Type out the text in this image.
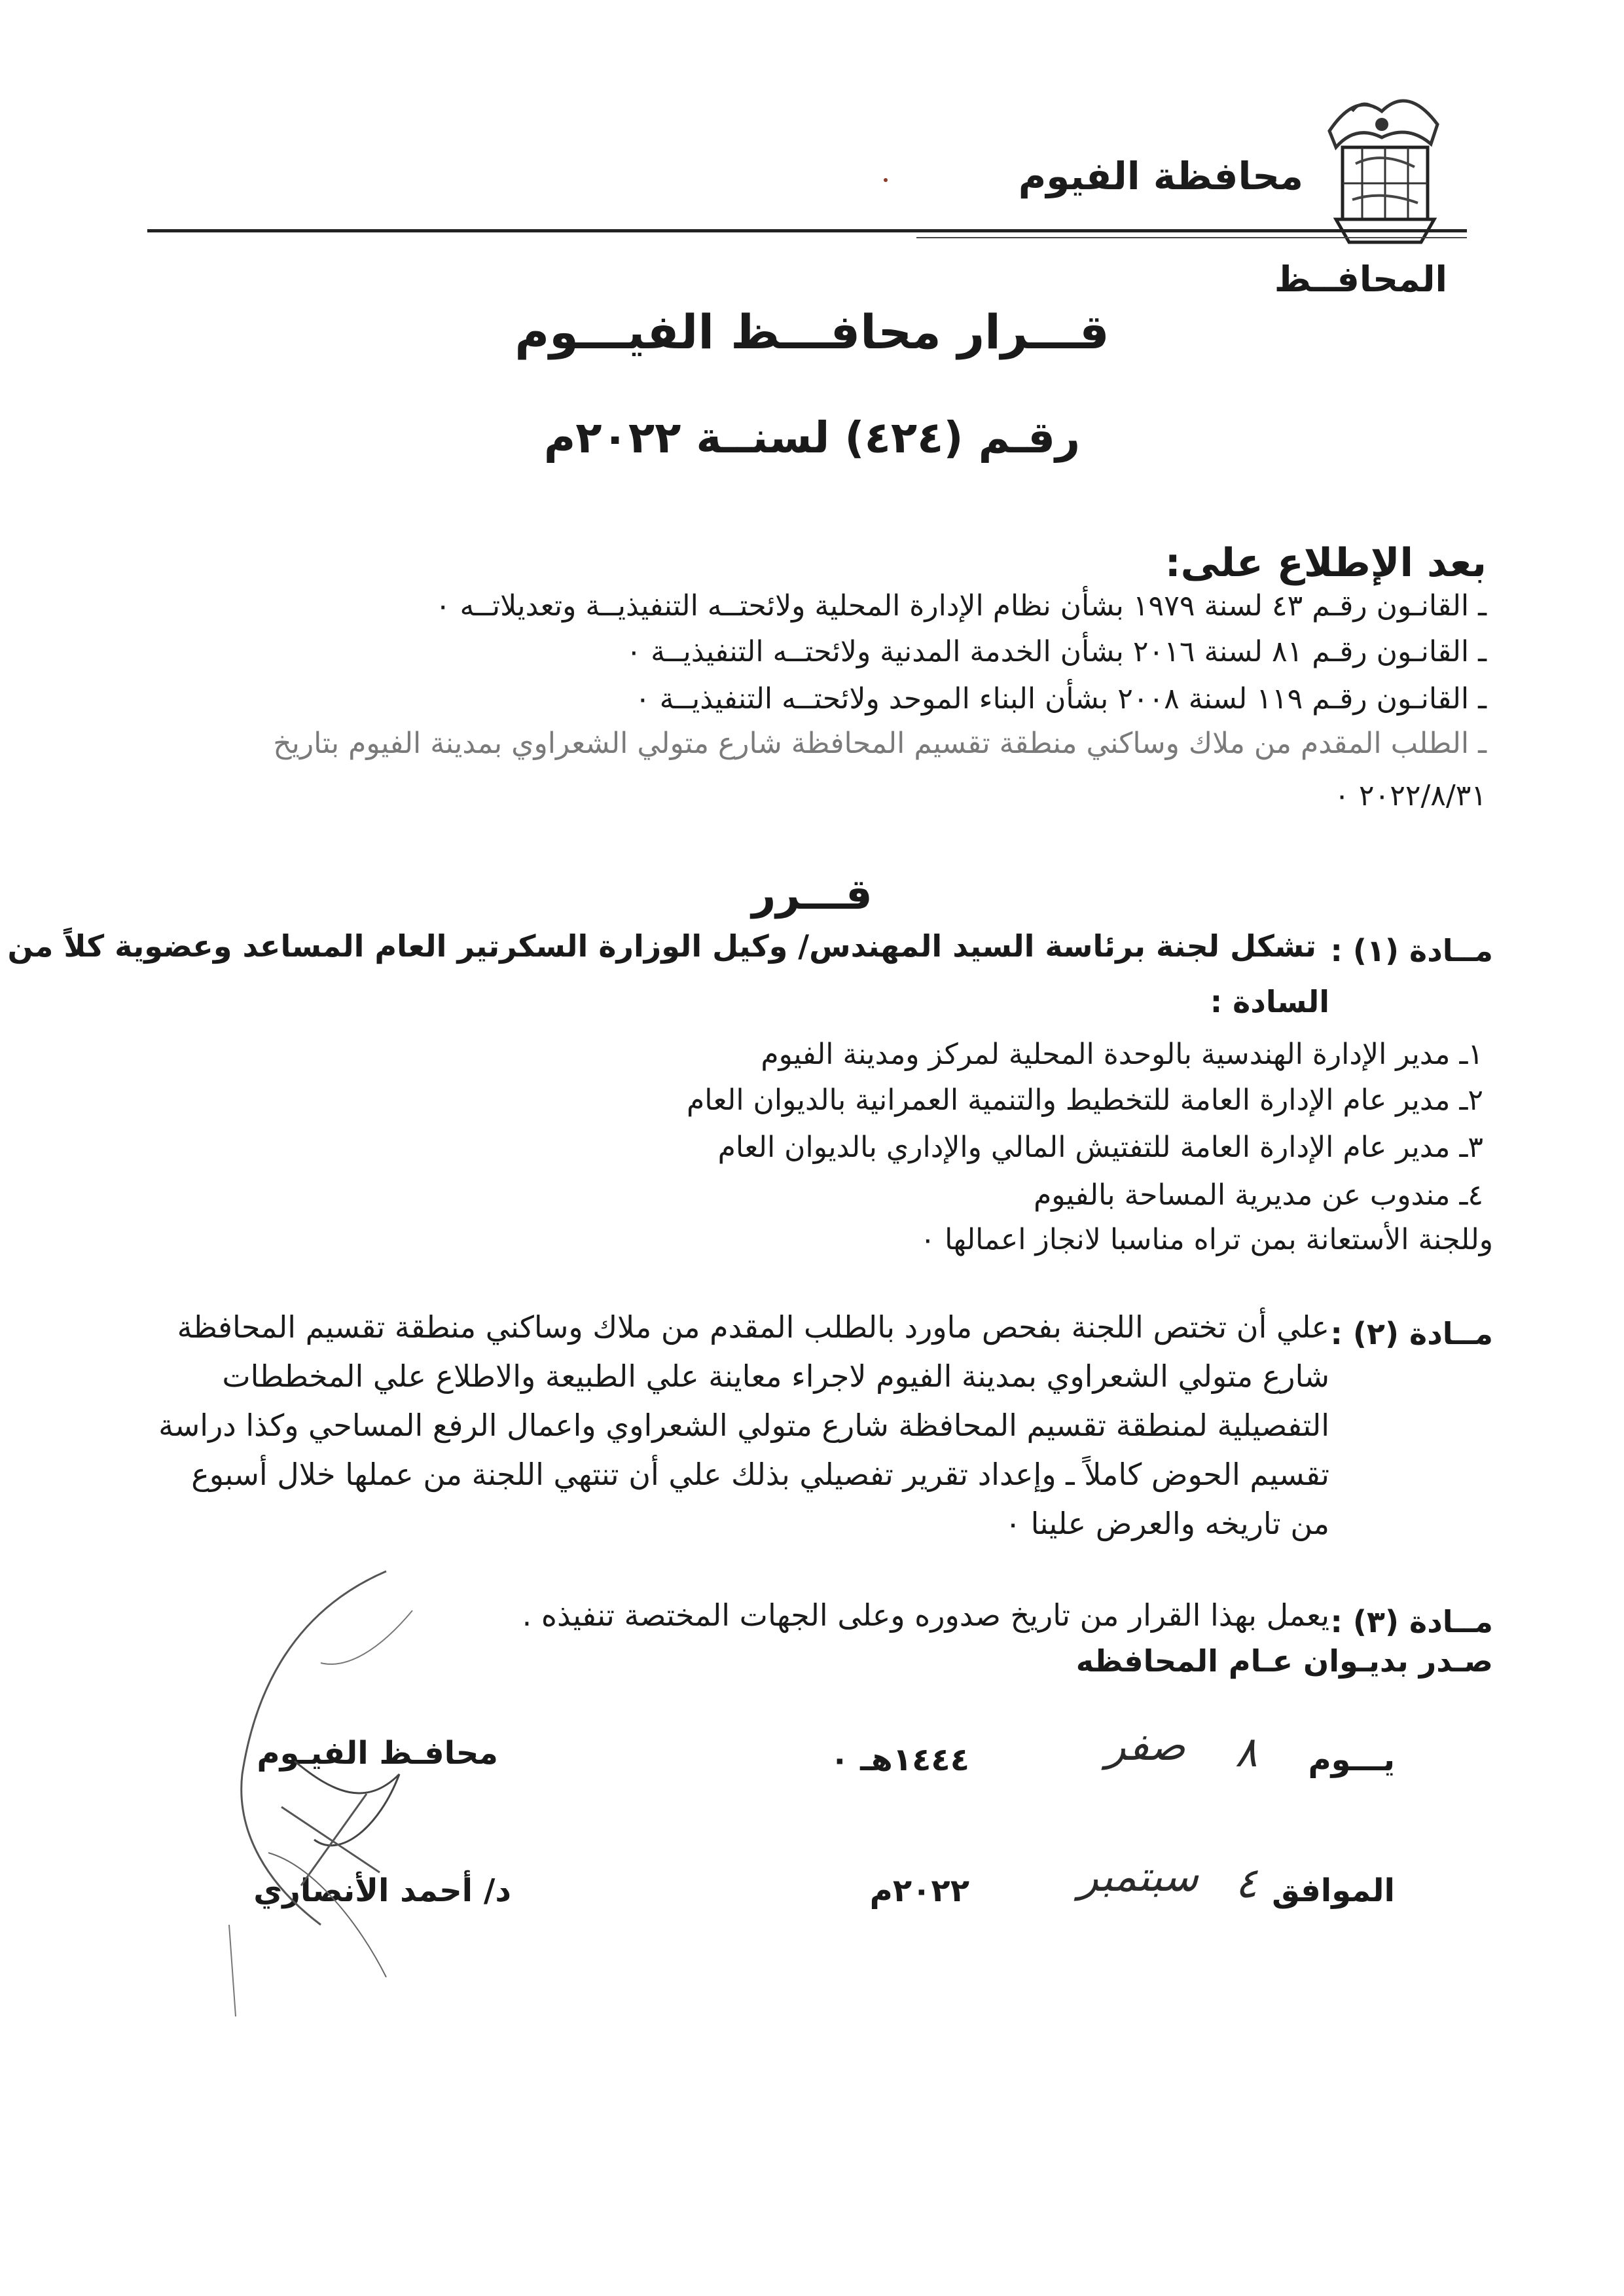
محافظة الفيوم
المحافــظ
قـــرار محافـــظ الفيـــوم
رقـم (٤٢٤) لسنــة ٢٠٢٢م
بعد الإطلاع على:
ـ القانـون رقـم ٤٣ لسنة ١٩٧٩ بشأن نظام الإدارة المحلية ولائحتــه التنفيذيــة وتعديلاتــه ٠
ـ القانـون رقـم ٨١ لسنة ٢٠١٦ بشأن الخدمة المدنية ولائحتــه التنفيذيــة ٠
ـ القانـون رقـم ١١٩ لسنة ٢٠٠٨ بشأن البناء الموحد ولائحتــه التنفيذيــة ٠
ـ الطلب المقدم من ملاك وساكني منطقة تقسيم المحافظة شارع متولي الشعراوي بمدينة الفيوم بتاريخ
٢٠٢٢/٨/٣١ ٠
قـــرر
مــادة (١) :
تشكل لجنة برئاسة السيد المهندس/ وكيل الوزارة السكرتير العام المساعد وعضوية كلاً من
السادة :
١ـ مدير الإدارة الهندسية بالوحدة المحلية لمركز ومدينة الفيوم
٢ـ مدير عام الإدارة العامة للتخطيط والتنمية العمرانية بالديوان العام
٣ـ مدير عام الإدارة العامة للتفتيش المالي والإداري بالديوان العام
٤ـ مندوب عن مديرية المساحة بالفيوم
وللجنة الأستعانة بمن تراه مناسبا لانجاز اعمالها ٠
مــادة (٢) :
علي أن تختص اللجنة بفحص ماورد بالطلب المقدم من ملاك وساكني منطقة تقسيم المحافظة
شارع متولي الشعراوي بمدينة الفيوم لاجراء معاينة علي الطبيعة والاطلاع علي المخططات
التفصيلية لمنطقة تقسيم المحافظة شارع متولي الشعراوي واعمال الرفع المساحي وكذا دراسة
تقسيم الحوض كاملاً ـ وإعداد تقرير تفصيلي بذلك علي أن تنتهي اللجنة من عملها خلال أسبوع
من تاريخه والعرض علينا ٠
مــادة (٣) :
يعمل بهذا القرار من تاريخ صدوره وعلى الجهات المختصة تنفيذه .
صـدر بديـوان عـام المحافظه
يـــوم
٨
صفر
١٤٤٤هـ ٠
الموافق
٤
سبتمبر
٢٠٢٢م
محافـظ الفيـوم
د/ أحمد الأنصاري
